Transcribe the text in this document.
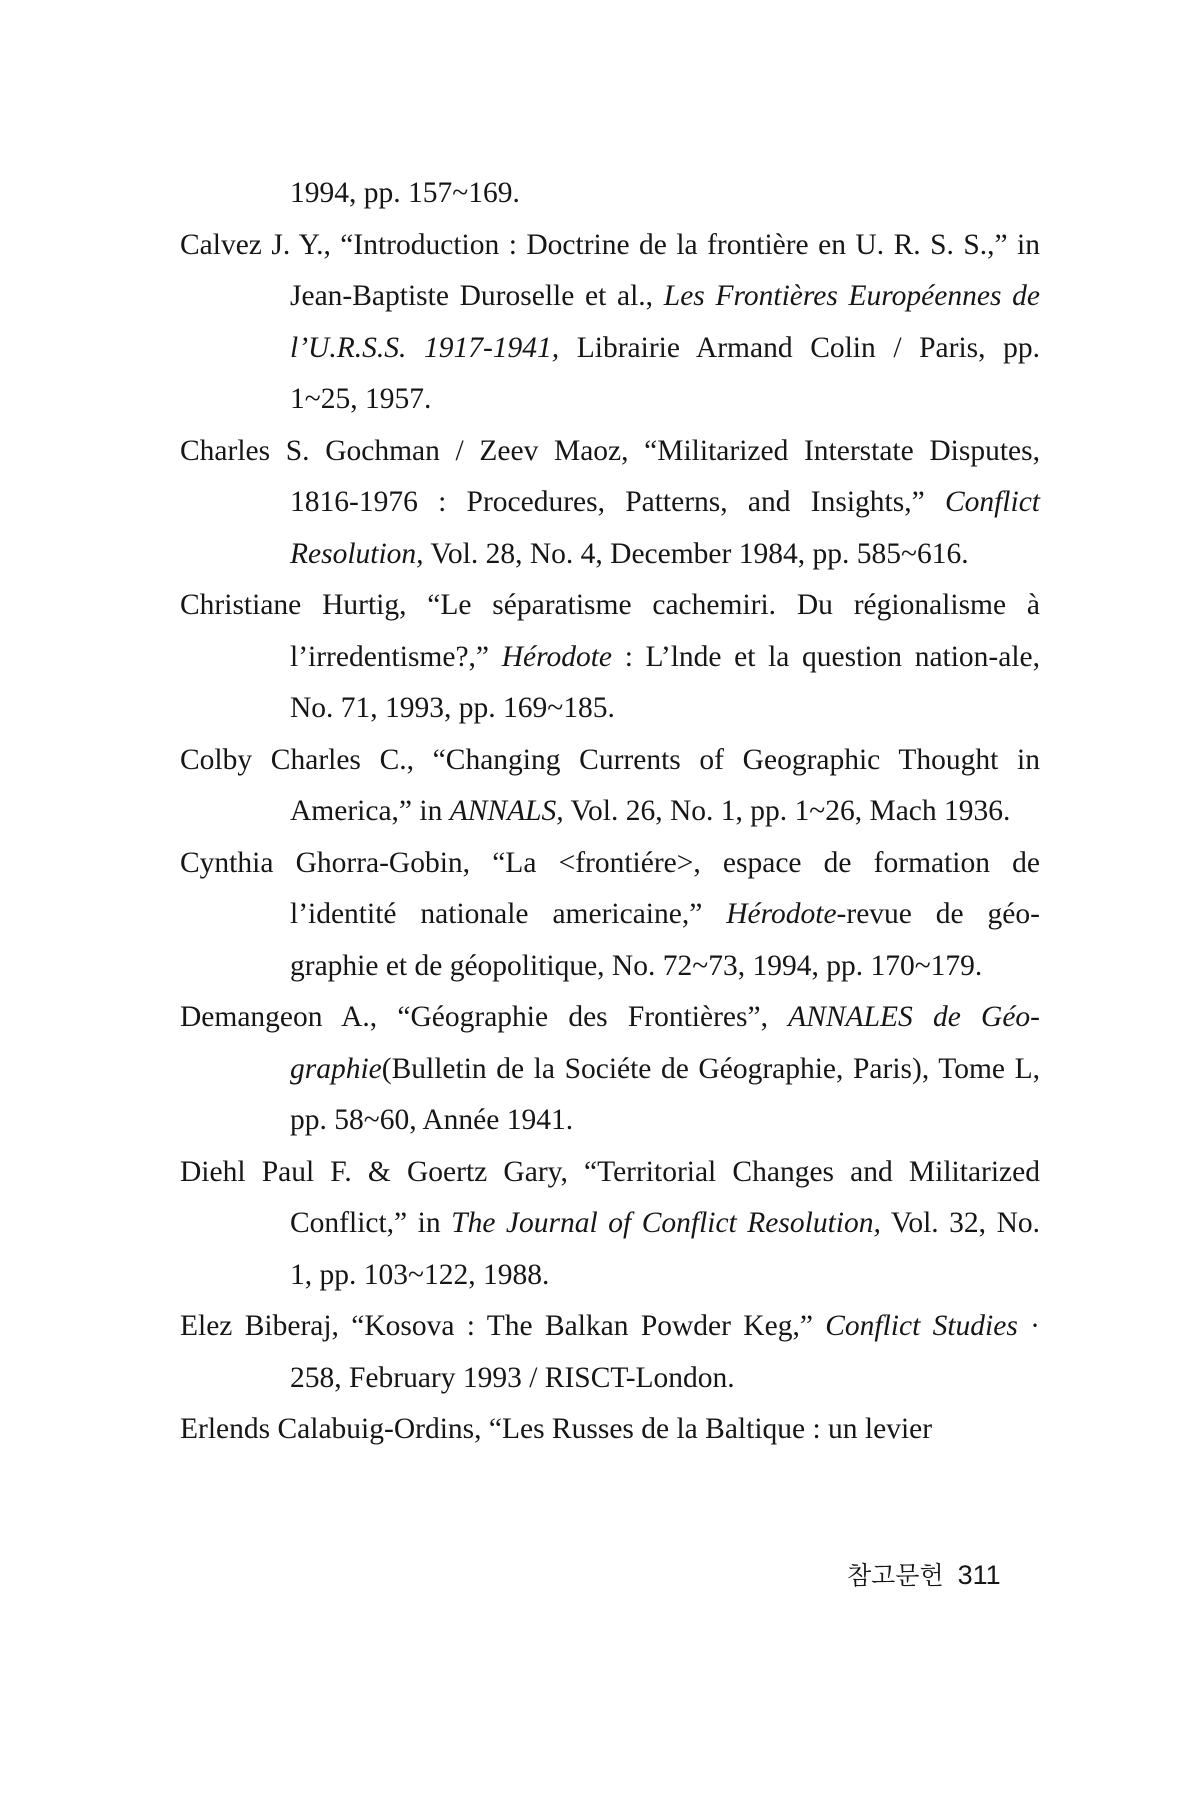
1994, pp. 157~169.

Calvez J. Y., “Introduction : Doctrine de la frontière en U. R. S. S.,” in Jean-Baptiste Duroselle et al., Les Frontières Européennes de l’U.R.S.S. 1917-1941, Librairie Armand Colin / Paris, pp. 1~25, 1957.

Charles S. Gochman / Zeev Maoz, “Militarized Interstate Disputes, 1816-1976 : Procedures, Patterns, and Insights,” Conflict Resolution, Vol. 28, No. 4, December 1984, pp. 585~616.

Christiane Hurtig, “Le séparatisme cachemiri. Du régionalisme à l’irredentisme?,” Hérodote : L’lnde et la question nation-ale, No. 71, 1993, pp. 169~185.

Colby Charles C., “Changing Currents of Geographic Thought in America,” in ANNALS, Vol. 26, No. 1, pp. 1~26, Mach 1936.

Cynthia Ghorra-Gobin, “La <frontiére>, espace de formation de l’identité nationale americaine,” Hérodote-revue de géo-graphie et de géopolitique, No. 72~73, 1994, pp. 170~179.

Demangeon A., “Géographie des Frontières”, ANNALES de Géo-graphie(Bulletin de la Sociéte de Géographie, Paris), Tome L, pp. 58~60, Année 1941.

Diehl Paul F. & Goertz Gary, “Territorial Changes and Militarized Conflict,” in The Journal of Conflict Resolution, Vol. 32, No. 1, pp. 103~122, 1988.

Elez Biberaj, “Kosova : The Balkan Powder Keg,” Conflict Studies · 258, February 1993 / RISCT-London.

Erlends Calabuig-Ordins, “Les Russes de la Baltique : un levier

참고문헌 311
